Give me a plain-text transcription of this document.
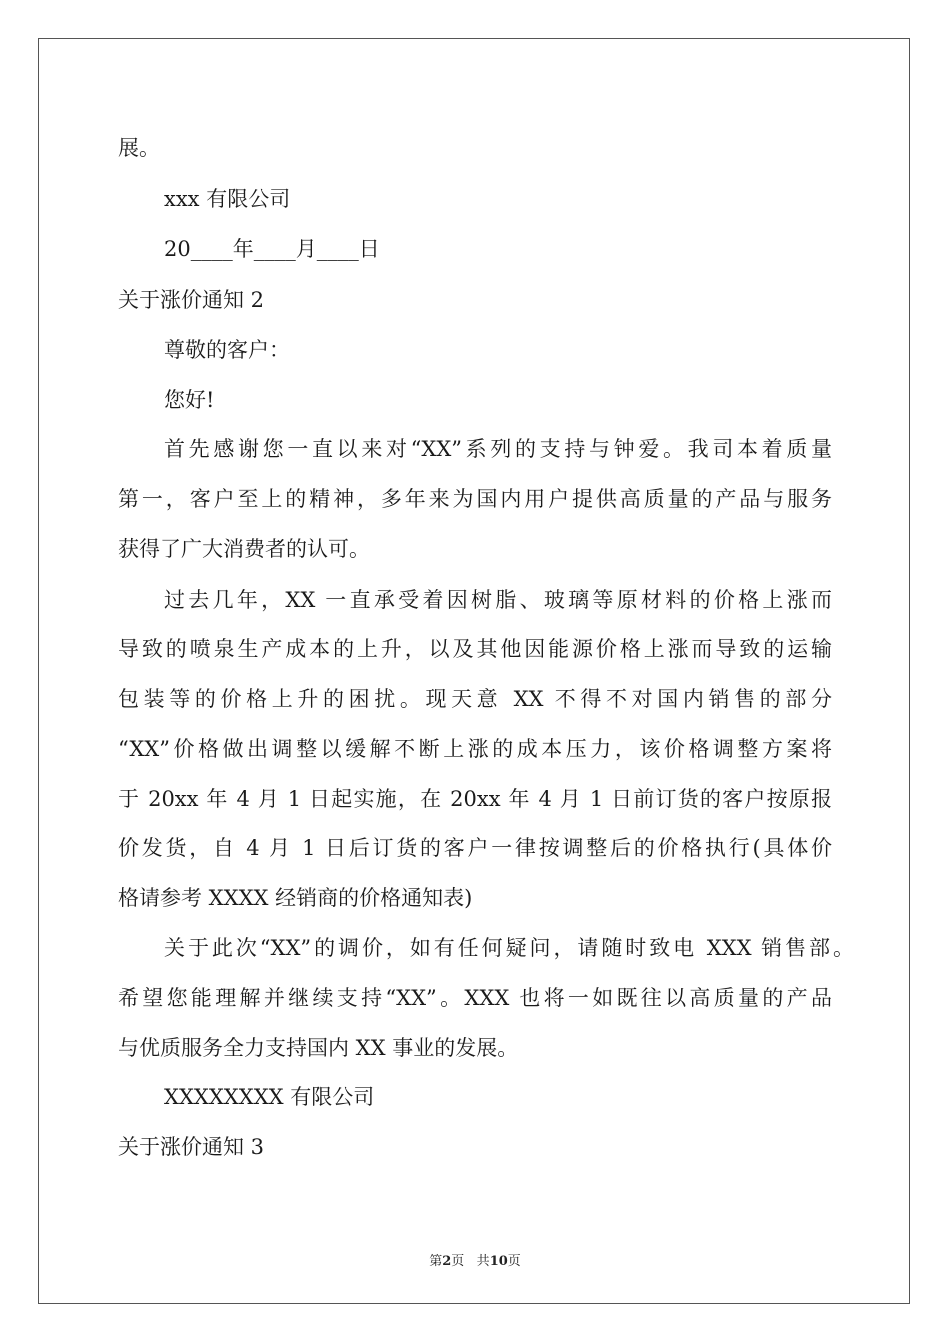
展。
xxx 有限公司
20____年____月____日
关于涨价通知 2
尊敬的客户：
您好!
首先感谢您一直以来对“XX”系列的支持与钟爱。我司本着质量
第一，客户至上的精神，多年来为国内用户提供高质量的产品与服务
获得了广大消费者的认可。
过去几年，XX 一直承受着因树脂、玻璃等原材料的价格上涨而
导致的喷泉生产成本的上升，以及其他因能源价格上涨而导致的运输
包装等的价格上升的困扰。现天意 XX 不得不对国内销售的部分
“XX”价格做出调整以缓解不断上涨的成本压力，该价格调整方案将
于 20xx 年 4 月 1 日起实施，在 20xx 年 4 月 1 日前订货的客户按原报
价发货，自 4 月 1 日后订货的客户一律按调整后的价格执行(具体价
格请参考 XXXX 经销商的价格通知表)
关于此次“XX”的调价，如有任何疑问，请随时致电 XXX 销售部。
希望您能理解并继续支持“XX”。XXX 也将一如既往以高质量的产品
与优质服务全力支持国内 XX 事业的发展。
XXXXXXXX 有限公司
关于涨价通知 3
第2页 共10页
